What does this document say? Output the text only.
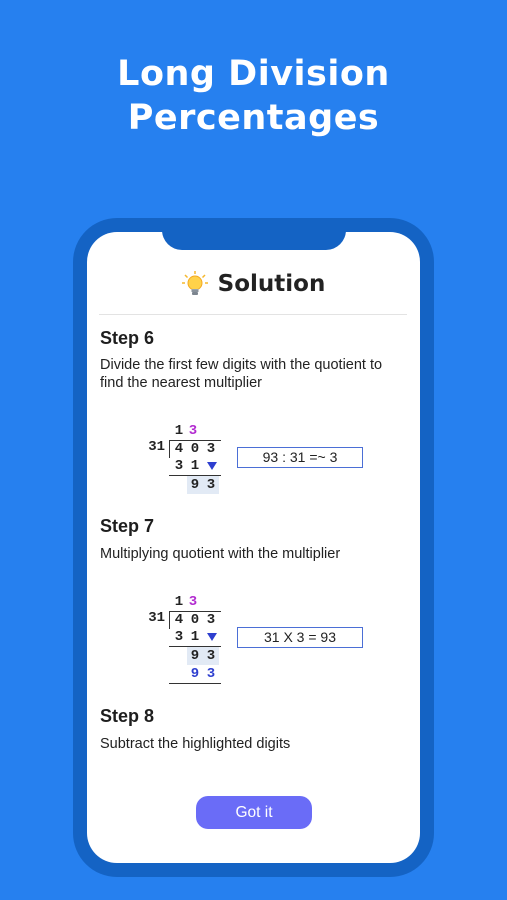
Long Division
Percentages
Solution
Step 6
Divide the first few digits with the quotient to find the nearest multiplier
1 3
31 4 0 3
3 1
9 3
93 : 31 =~ 3
Step 7
Multiplying quotient with the multiplier
1 3
31 4 0 3
3 1
9 3
9 3
31 X 3 = 93
Step 8
Subtract the highlighted digits
Got it
